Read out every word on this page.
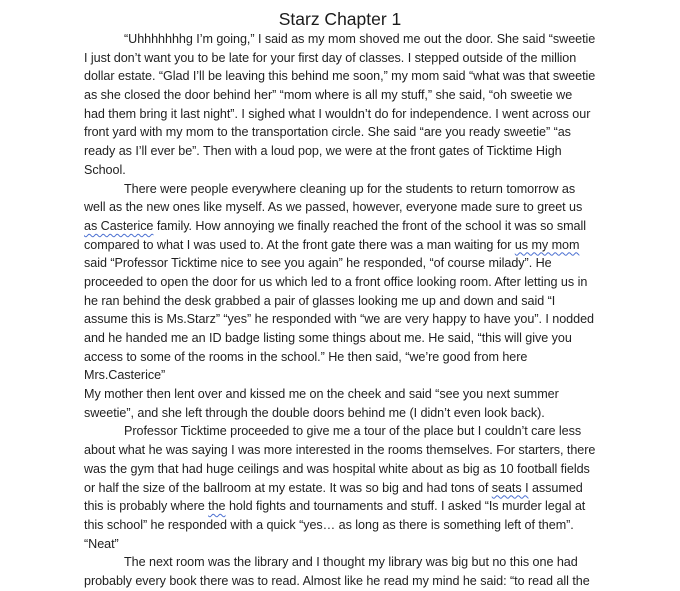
Starz Chapter 1
“Uhhhhhhhg I’m going,” I said as my mom shoved me out the door. She said “sweetie
I just don’t want you to be late for your first day of classes. I stepped outside of the million
dollar estate. “Glad I’ll be leaving this behind me soon,” my mom said “what was that sweetie
as she closed the door behind her” “mom where is all my stuff,” she said, “oh sweetie we
had them bring it last night”. I sighed what I wouldn’t do for independence. I went across our
front yard with my mom to the transportation circle. She said “are you ready sweetie” “as
ready as I’ll ever be”. Then with a loud pop, we were at the front gates of Ticktime High
School.
There were people everywhere cleaning up for the students to return tomorrow as
well as the new ones like myself. As we passed, however, everyone made sure to greet us
as Casterice family. How annoying we finally reached the front of the school it was so small
compared to what I was used to. At the front gate there was a man waiting for us my mom
said “Professor Ticktime nice to see you again” he responded, “of course milady”. He
proceeded to open the door for us which led to a front office looking room. After letting us in
he ran behind the desk grabbed a pair of glasses looking me up and down and said “I
assume this is Ms.Starz” “yes” he responded with “we are very happy to have you”. I nodded
and he handed me an ID badge listing some things about me. He said, “this will give you
access to some of the rooms in the school.” He then said, “we’re good from here
Mrs.Casterice”
My mother then lent over and kissed me on the cheek and said “see you next summer
sweetie”, and she left through the double doors behind me (I didn’t even look back).
Professor Ticktime proceeded to give me a tour of the place but I couldn’t care less
about what he was saying I was more interested in the rooms themselves. For starters, there
was the gym that had huge ceilings and was hospital white about as big as 10 football fields
or half the size of the ballroom at my estate. It was so big and had tons of seats I assumed
this is probably where the hold fights and tournaments and stuff. I asked “Is murder legal at
this school” he responded with a quick “yes… as long as there is something left of them”.
“Neat”
The next room was the library and I thought my library was big but no this one had
probably every book there was to read. Almost like he read my mind he said: “to read all the
